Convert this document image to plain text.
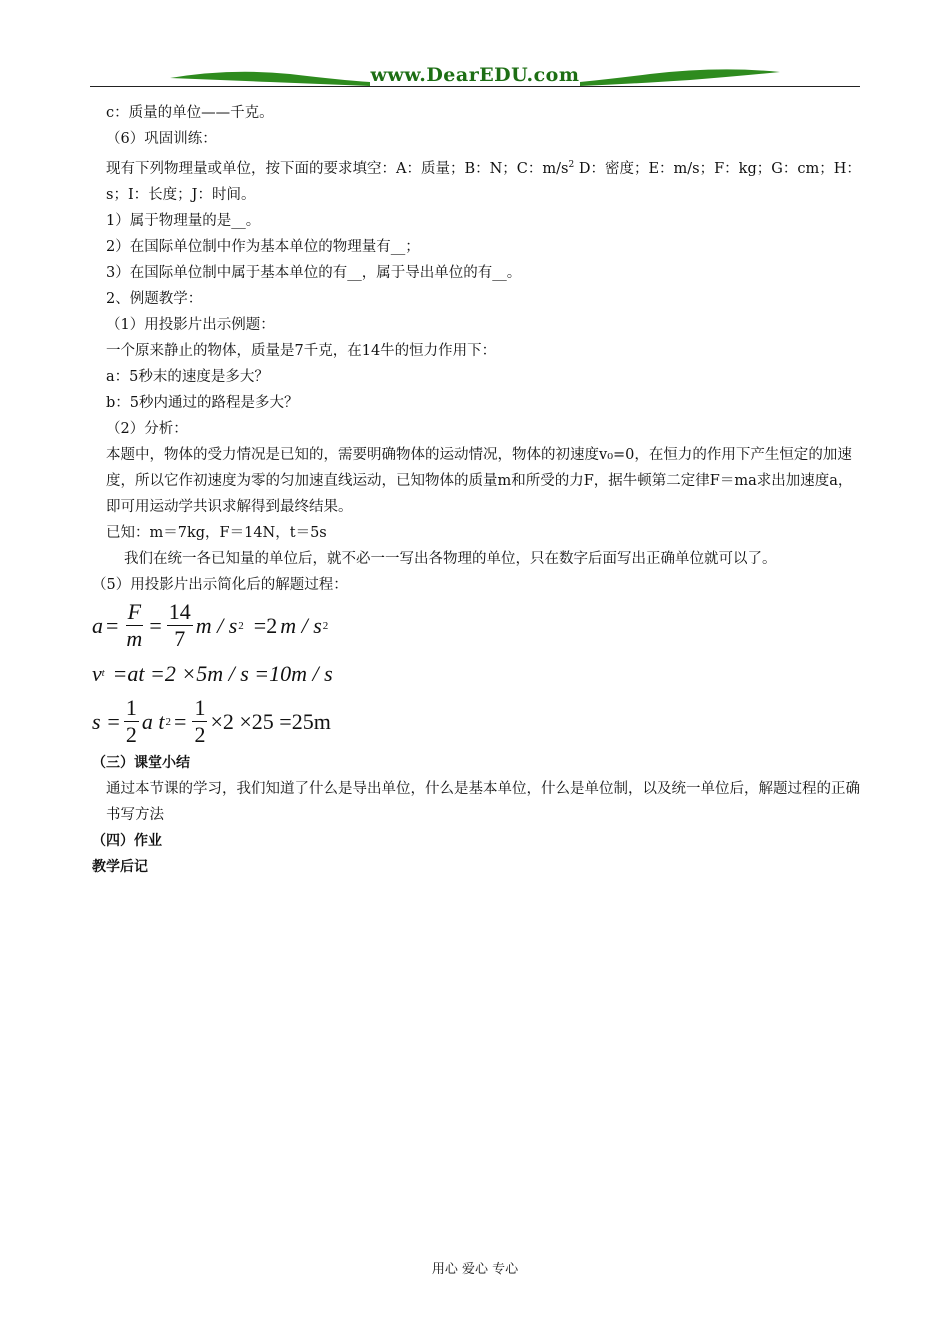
www.DearEDU.com

c：质量的单位——千克。

（6）巩固训练：

现有下列物理量或单位，按下面的要求填空：A：质量；B：N；C：$m/s^2$ D：密度；E：m/s；F：kg；G：cm；H：s；I：长度；J：时间。

1）属于物理量的是__。

2）在国际单位制中作为基本单位的物理量有__；

3）在国际单位制中属于基本单位的有__，属于导出单位的有__。

2、例题教学：

（1）用投影片出示例题：

一个原来静止的物体，质量是7千克，在14牛的恒力作用下：

a：5秒末的速度是多大？

b：5秒内通过的路程是多大？

（2）分析：

本题中，物体的受力情况是已知的，需要明确物体的运动情况，物体的初速度v₀=0，在恒力的作用下产生恒定的加速度，所以它作初速度为零的匀加速直线运动，已知物体的质量m和所受的力F，据牛顿第二定律F＝ma求出加速度a，即可用运动学共识求解得到最终结果。

已知：m＝7kg，F＝14N，t＝5s

我们在统一各已知量的单位后，就不必一一写出各物理的单位，只在数字后面写出正确单位就可以了。

（5）用投影片出示简化后的解题过程：

$a = \frac{F}{m} = \frac{14}{7}$ m / s 2 =2 m / s 2
v t =at =2 ×5m / s =10m / s
$s = \frac{1}{2}$ a t $2 = \frac{1}{2} \times 2 \times 25 =25m$

（三）课堂小结

通过本节课的学习，我们知道了什么是导出单位，什么是基本单位，什么是单位制，以及统一单位后，解题过程的正确书写方法

（四）作业

教学后记

用心 爱心 专心
